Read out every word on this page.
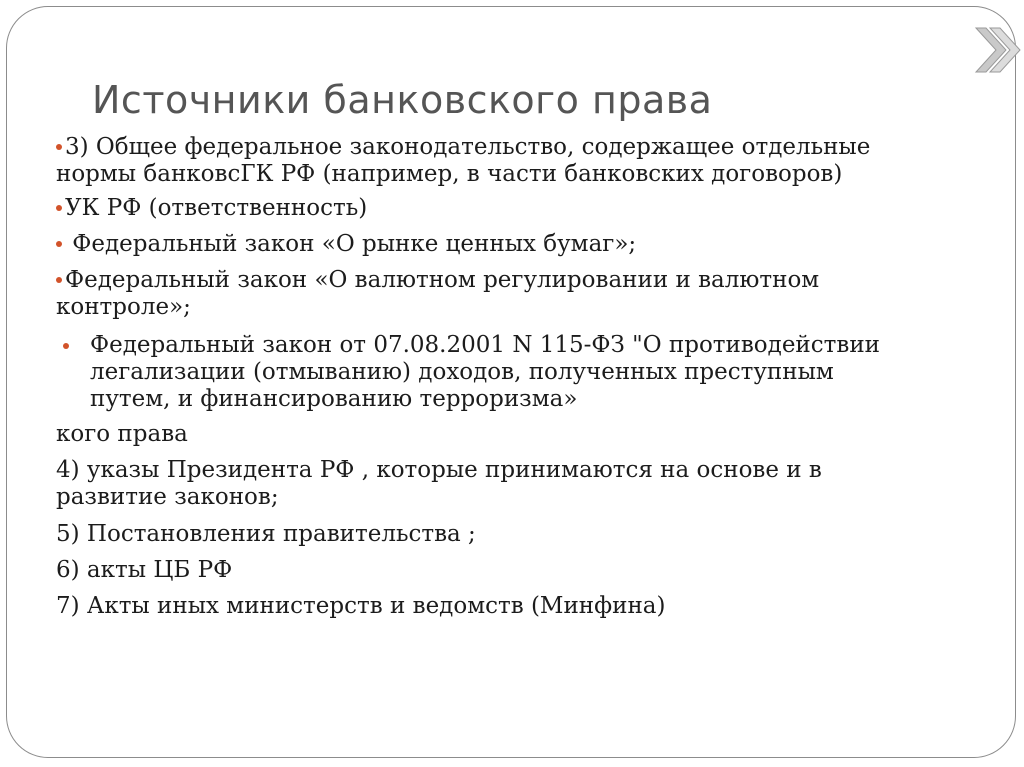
Источники банковского права
3) Общее федеральное законодательство, содержащее отдельные
нормы банковсГК РФ (например, в части банковских договоров)
УК РФ (ответственность)
Федеральный закон «О рынке ценных бумаг»;
Федеральный закон «О валютном регулировании и валютном
контроле»;
Федеральный закон от 07.08.2001 N 115-ФЗ "О противодействии
легализации (отмыванию) доходов, полученных преступным
путем, и финансированию терроризма»
кого права
4) указы Президента РФ , которые принимаются на основе и в
развитие законов;
5) Постановления правительства ;
6) акты ЦБ РФ
7) Акты иных министерств и ведомств (Минфина)
